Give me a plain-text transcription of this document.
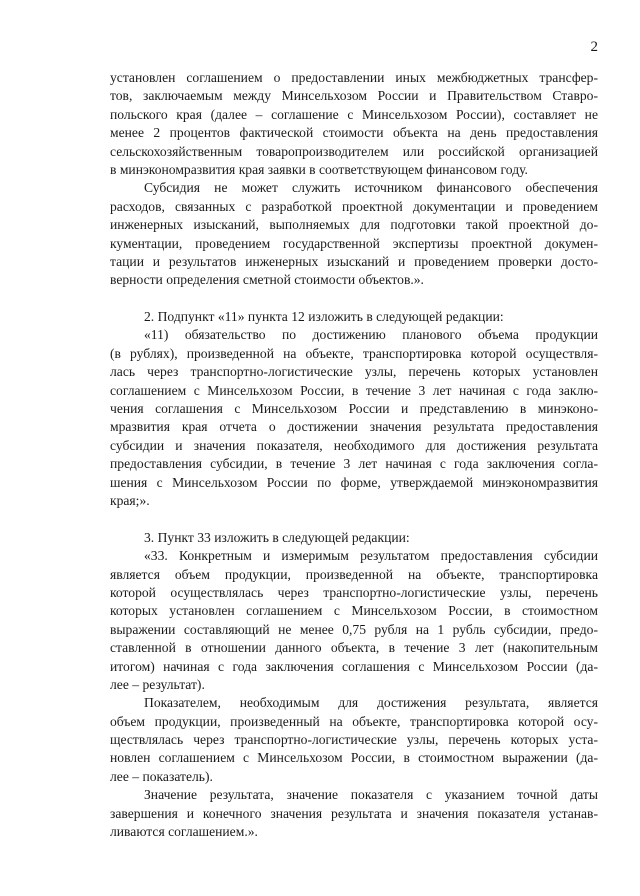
2
установлен соглашением о предоставлении иных межбюджетных трансфер-
тов, заключаемым между Минсельхозом России и Правительством Ставро-
польского края (далее – соглашение с Минсельхозом России), составляет не
менее 2 процентов фактической стоимости объекта на день предоставления
сельскохозяйственным товаропроизводителем или российской организацией
в минэкономразвития края заявки в соответствующем финансовом году.
Субсидия не может служить источником финансового обеспечения
расходов, связанных с разработкой проектной документации и проведением
инженерных изысканий, выполняемых для подготовки такой проектной до-
кументации, проведением государственной экспертизы проектной докумен-
тации и результатов инженерных изысканий и проведением проверки досто-
верности определения сметной стоимости объектов.».
2. Подпункт «11» пункта 12 изложить в следующей редакции:
«11) обязательство по достижению планового объема продукции
(в рублях), произведенной на объекте, транспортировка которой осуществля-
лась через транспортно-логистические узлы, перечень которых установлен
соглашением с Минсельхозом России, в течение 3 лет начиная с года заклю-
чения соглашения с Минсельхозом России и представлению в минэконо-
мразвития края отчета о достижении значения результата предоставления
субсидии и значения показателя, необходимого для достижения результата
предоставления субсидии, в течение 3 лет начиная с года заключения согла-
шения с Минсельхозом России по форме, утверждаемой минэкономразвития
края;».
3. Пункт 33 изложить в следующей редакции:
«33. Конкретным и измеримым результатом предоставления субсидии
является объем продукции, произведенной на объекте, транспортировка
которой осуществлялась через транспортно-логистические узлы, перечень
которых установлен соглашением с Минсельхозом России, в стоимостном
выражении составляющий не менее 0,75 рубля на 1 рубль субсидии, предо-
ставленной в отношении данного объекта, в течение 3 лет (накопительным
итогом) начиная с года заключения соглашения с Минсельхозом России (да-
лее – результат).
Показателем, необходимым для достижения результата, является
объем продукции, произведенный на объекте, транспортировка которой осу-
ществлялась через транспортно-логистические узлы, перечень которых уста-
новлен соглашением с Минсельхозом России, в стоимостном выражении (да-
лее – показатель).
Значение результата, значение показателя с указанием точной даты
завершения и конечного значения результата и значения показателя устанав-
ливаются соглашением.».
